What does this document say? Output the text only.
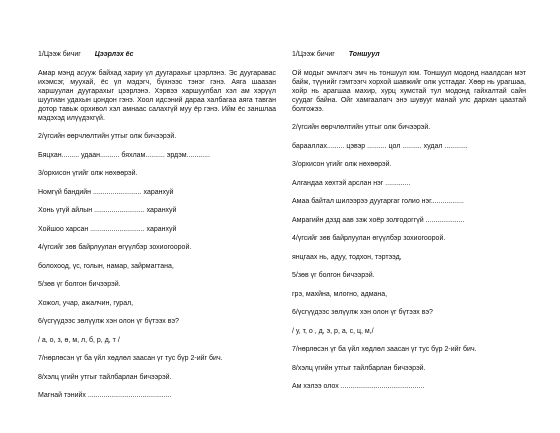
1/Цээж бичиг Цээрлэх ёс

Амар мэнд асууж байхад хариу үл дуугарахыг цээрлэнэ. Эс дуугаравас ихэмсэг, муухай, ёс үл мэдэгч, бүхнээс тэнэг гэнэ. Аяга шаазан харшуулан дуугарахыг цээрлэнэ. Хэрвээ харшуулбал хэл ам хэрүүл шуугиан удахын цондон гэнэ. Хоол идсэний дараа халбагаа аяга тавган дотор тавьж орхивол хэл амнаас салахгүй муу ёр гэнэ. Ийм ёс заншлаа мэдэхэд илүүдэхгүй.

2/үгсийн өөрчлөлтийн утгыг олж бичээрэй.
Бяцхан......... удаан.......... бяхлам.......... эрдэм............
3/орхисон үгийг олж нөхөөрэй.
Номгүй бандийн ......................... харанхуй
Хонь үгүй айлын .......................... харанхуй
Хойшоо харсан ............................ харанхуй
4/үгсийг зөв байрлуулан өгүүлбэр зохиогоорой.
болохоод, үс, голын, намар, зайрмагтана,
5/зөв үг болгон бичээрэй.
Хожол, учар, ажалчин, гурал,
6/үсгүүдээс зөлүүлж хэн олон үг бүтээх вэ?
/ а, о, з, ө, м, л, б, р, д, т /
7/нөрлөсэн үг ба үйл хөдлөл заасан үг тус бүр 2-ийг бич.
8/хэлц үгийн утгыг тайлбарлан бичээрэй.
Магнай тэнийх ...........................................
1/Цээж бичиг Тоншуул

Ой модыг эмчлэгч эмч нь тоншуул юм. Тоншуул модонд наалдсан мэт байж, түүнийг гэмтээгч хорхой шавжийг олж устгадаг. Хөөр нь урагшаа, хойр нь арагшаа махир, хурц хумстай тул модонд гайхалтай сайн суудаг байна. Ойг хамгаалагч энэ шувууг манай улс дархан цаазтай болгожээ.

2/үгсийн өөрчлөлтийн утгыг олж бичээрэй.
барааллах......... цэвэр .......... цол .......... худал ............
3/орхисон үгийг олж нөхөөрэй.
Алгандаа хөхтэй арслан нэг .............
Амаа байтал шилээрээ дуугаргаг голио нэг.................
Амрагийн дэзд аав зэж хоёр золгодоггүй ....................
4/үгсийг зөв байрлуулан өгүүлбэр зохиогоорой.
янцгаах нь, адуу, тодхон, тэртээд,
5/зөв үг болгон бичээрэй.
грэ, махйна, млогно, адмана,
6/үсгүүдээс зөлүүлж хэн олон үг бүтээх вэ?
/ у, т, о , д, э, р, а, с, ц, м,/
7/нөрлөсэн үг ба үйл хөдлөл заасан үг тус бүр 2-ийг бич.
8/хэлц үгийн утгыг тайлбарлан бичээрэй.
Ам хэлээ олох ...........................................
